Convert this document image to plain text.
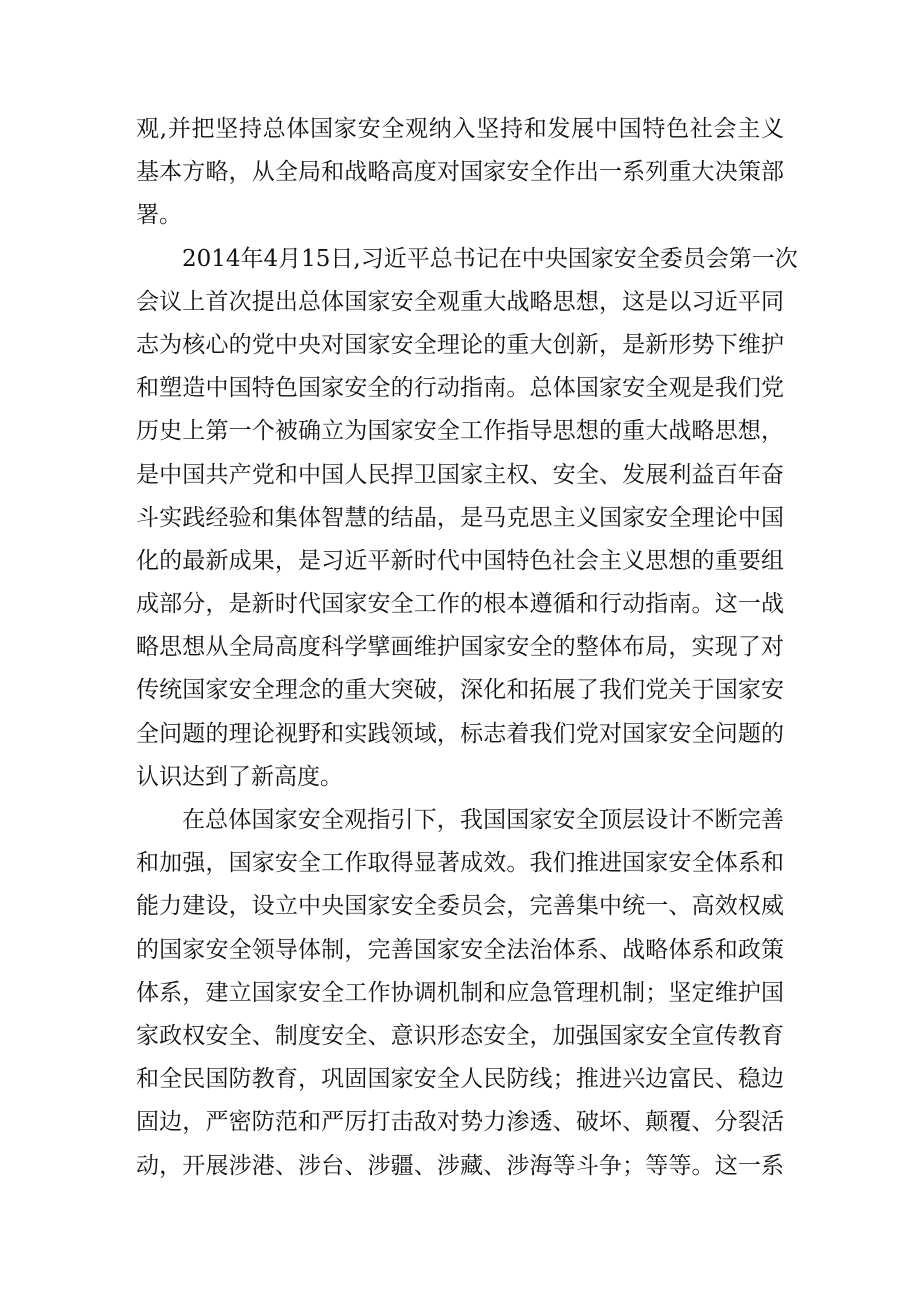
观,并把坚持总体国家安全观纳入坚持和发展中国特色社会主义
基本方略，从全局和战略高度对国家安全作出一系列重大决策部
署。
2014年4月15日,习近平总书记在中央国家安全委员会第一次
会议上首次提出总体国家安全观重大战略思想，这是以习近平同
志为核心的党中央对国家安全理论的重大创新，是新形势下维护
和塑造中国特色国家安全的行动指南。总体国家安全观是我们党
历史上第一个被确立为国家安全工作指导思想的重大战略思想，
是中国共产党和中国人民捍卫国家主权、安全、发展利益百年奋
斗实践经验和集体智慧的结晶，是马克思主义国家安全理论中国
化的最新成果，是习近平新时代中国特色社会主义思想的重要组
成部分，是新时代国家安全工作的根本遵循和行动指南。这一战
略思想从全局高度科学擘画维护国家安全的整体布局，实现了对
传统国家安全理念的重大突破，深化和拓展了我们党关于国家安
全问题的理论视野和实践领域，标志着我们党对国家安全问题的
认识达到了新高度。
在总体国家安全观指引下，我国国家安全顶层设计不断完善
和加强，国家安全工作取得显著成效。我们推进国家安全体系和
能力建设，设立中央国家安全委员会，完善集中统一、高效权威
的国家安全领导体制，完善国家安全法治体系、战略体系和政策
体系，建立国家安全工作协调机制和应急管理机制；坚定维护国
家政权安全、制度安全、意识形态安全，加强国家安全宣传教育
和全民国防教育，巩固国家安全人民防线；推进兴边富民、稳边
固边，严密防范和严厉打击敌对势力渗透、破坏、颠覆、分裂活
动，开展涉港、涉台、涉疆、涉藏、涉海等斗争；等等。这一系
